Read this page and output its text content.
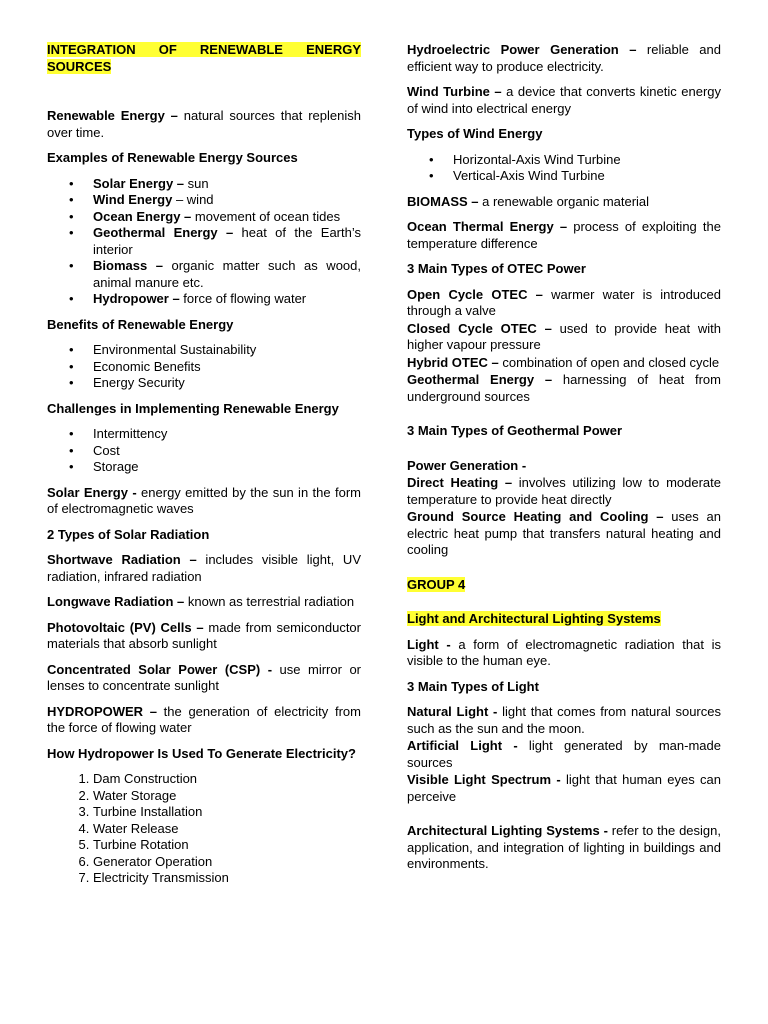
INTEGRATION OF RENEWABLE ENERGY SOURCES

Renewable Energy – natural sources that replenish over time.

Examples of Renewable Energy Sources

• Solar Energy – sun
• Wind Energy – wind
• Ocean Energy – movement of ocean tides
• Geothermal Energy – heat of the Earth’s interior
• Biomass – organic matter such as wood, animal manure etc.
• Hydropower – force of flowing water

Benefits of Renewable Energy

• Environmental Sustainability
• Economic Benefits
• Energy Security

Challenges in Implementing Renewable Energy

• Intermittency
• Cost
• Storage

Solar Energy - energy emitted by the sun in the form of electromagnetic waves

2 Types of Solar Radiation

Shortwave Radiation – includes visible light, UV radiation, infrared radiation

Longwave Radiation – known as terrestrial radiation

Photovoltaic (PV) Cells – made from semiconductor materials that absorb sunlight

Concentrated Solar Power (CSP) - use mirror or lenses to concentrate sunlight

HYDROPOWER – the generation of electricity from the force of flowing water

How Hydropower Is Used To Generate Electricity?

1. Dam Construction
2. Water Storage
3. Turbine Installation
4. Water Release
5. Turbine Rotation
6. Generator Operation
7. Electricity Transmission

Hydroelectric Power Generation – reliable and efficient way to produce electricity.

Wind Turbine – a device that converts kinetic energy of wind into electrical energy

Types of Wind Energy

• Horizontal-Axis Wind Turbine
• Vertical-Axis Wind Turbine

BIOMASS – a renewable organic material

Ocean Thermal Energy – process of exploiting the temperature difference

3 Main Types of OTEC Power

Open Cycle OTEC – warmer water is introduced through a valve

Closed Cycle OTEC – used to provide heat with higher vapour pressure

Hybrid OTEC – combination of open and closed cycle

Geothermal Energy – harnessing of heat from underground sources

3 Main Types of Geothermal Power

Power Generation -

Direct Heating – involves utilizing low to moderate temperature to provide heat directly

Ground Source Heating and Cooling – uses an electric heat pump that transfers natural heating and cooling

GROUP 4

Light and Architectural Lighting Systems

Light - a form of electromagnetic radiation that is visible to the human eye.

3 Main Types of Light

Natural Light - light that comes from natural sources such as the sun and the moon.

Artificial Light - light generated by man-made sources

Visible Light Spectrum - light that human eyes can perceive

Architectural Lighting Systems - refer to the design, application, and integration of lighting in buildings and environments.
